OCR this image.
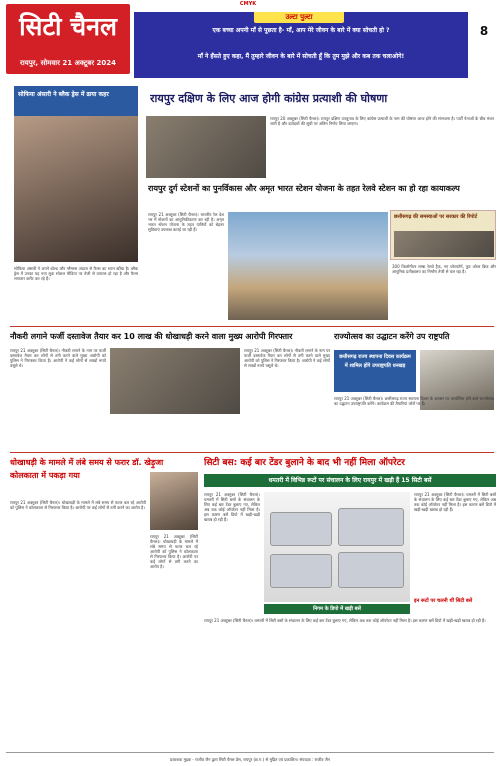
सिटी चैनल
रायपुर, सोमवार 21 अक्टूबर 2024
CMYK
8
उल्टा पुल्टा
एक बच्चा अपनी माँ से पूछता है- माँ, आप मेरे जीवन के बारे में क्या सोचती हो ?
माँ ने हँसते हुए कहा, मैं तुम्हारे जीवन के बारे में सोचती हूँ कि तुम मुझे और कब तक चलाओगे!
सोफिया अंसारी ने ब्लैक ड्रेस में ढाया कहर
सोफिया अंसारी ने अपने बोल्ड और ग्लैमरस अंदाज से फैन्स का ध्यान खींचा है। ब्लैक ड्रेस में उनका यह नया लुक सोशल मीडिया पर तेजी से वायरल हो रहा है और फैन्स लगातार कमेंट कर रहे हैं।
रायपुर दक्षिण के लिए आज होगी कांग्रेस प्रत्याशी की घोषणा
रायपुर 20 अक्टूबर (सिटी चैनल)। रायपुर दक्षिण उपचुनाव के लिए कांग्रेस प्रत्याशी के नाम की घोषणा आज होने की संभावना है। पार्टी नेताओं के बीच मंथन जारी है और दावेदारों की सूची पर अंतिम निर्णय लिया जाएगा।
रायपुर दुर्ग स्टेशनों का पुनर्विकास और अमृत भारत स्टेशन योजना के तहत रेलवे स्टेशन का हो रहा कायाकल्प
रायपुर 21 अक्टूबर (सिटी चैनल)। भारतीय रेल देश भर में स्टेशनों का आधुनिकीकरण कर रही है। अमृत भारत स्टेशन योजना के तहत यात्रियों को बेहतर सुविधाएं उपलब्ध कराई जा रही हैं।
छत्तीसगढ़ की समस्याओं पर सरकार की रिपोर्ट
300 किलोमीटर लम्बा रेलवे ट्रैक, नए प्लेटफॉर्म, फुट ओवर ब्रिज और आधुनिक प्रतीक्षालय का निर्माण तेजी से चल रहा है।
नौकरी लगाने फर्जी दस्तावेज तैयार कर 10 लाख की धोखाधड़ी करने वाला मुख्य आरोपी गिरफ्तार
रायपुर 21 अक्टूबर (सिटी चैनल)। नौकरी लगाने के नाम पर फर्जी दस्तावेज तैयार कर लोगों से ठगी करने वाले मुख्य आरोपी को पुलिस ने गिरफ्तार किया है। आरोपी ने कई लोगों से लाखों रुपये वसूले थे।
रायपुर 21 अक्टूबर (सिटी चैनल)। नौकरी लगाने के नाम पर फर्जी दस्तावेज तैयार कर लोगों से ठगी करने वाले मुख्य आरोपी को पुलिस ने गिरफ्तार किया है। आरोपी ने कई लोगों से लाखों रुपये वसूले थे।
राज्योत्सव का उद्घाटन करेंगे उप राष्ट्रपति
छत्तीसगढ़ राज्य स्थापना दिवस कार्यक्रम में शामिल होंगे उपराष्ट्रपति धनखड़
रायपुर 21 अक्टूबर (सिटी चैनल)। छत्तीसगढ़ राज्य स्थापना दिवस के अवसर पर आयोजित होने वाले राज्योत्सव का उद्घाटन उपराष्ट्रपति करेंगे। कार्यक्रम की तैयारियां जोरों पर हैं।
धोखाधड़ी के मामले में लंबे समय से फरार डॉ. खेड़ुजा कोलकाता में पकड़ा गया
रायपुर 21 अक्टूबर (सिटी चैनल)। धोखाधड़ी के मामले में लंबे समय से फरार चल रहे आरोपी को पुलिस ने कोलकाता से गिरफ्तार किया है। आरोपी पर कई लोगों से ठगी करने का आरोप है।
रायपुर 21 अक्टूबर (सिटी चैनल)। धोखाधड़ी के मामले में लंबे समय से फरार चल रहे आरोपी को पुलिस ने कोलकाता से गिरफ्तार किया है। आरोपी पर कई लोगों से ठगी करने का आरोप है।
सिटी बस: कई बार टेंडर बुलाने के बाद भी नहीं मिला ऑपरेटर
धमतरी में विभिन्न रूटों पर संचालन के लिए रायपुर में खड़ी हैं 15 सिटी बसें
रायपुर 21 अक्टूबर (सिटी चैनल)। धमतरी में सिटी बसों के संचालन के लिए कई बार टेंडर बुलाए गए, लेकिन अब तक कोई ऑपरेटर नहीं मिला है। इस कारण बसें डिपो में खड़ी-खड़ी खराब हो रही हैं।
निगम के डिपो में खड़ी बसें
रायपुर 21 अक्टूबर (सिटी चैनल)। धमतरी में सिटी बसों के संचालन के लिए कई बार टेंडर बुलाए गए, लेकिन अब तक कोई ऑपरेटर नहीं मिला है। इस कारण बसें डिपो में खड़ी-खड़ी खराब हो रही हैं।
इन रूटों पर चलनी थीं सिटी बसें
रायपुर 21 अक्टूबर (सिटी चैनल)। धमतरी में सिटी बसों के संचालन के लिए कई बार टेंडर बुलाए गए, लेकिन अब तक कोई ऑपरेटर नहीं मिला है। इस कारण बसें डिपो में खड़ी-खड़ी खराब हो रही हैं।
प्रकाशक मुद्रक - राजीव जैन द्वारा सिटी चैनल प्रेस, रायपुर (छ.ग.) से मुद्रित एवं प्रकाशित। संपादक : राजीव जैन
